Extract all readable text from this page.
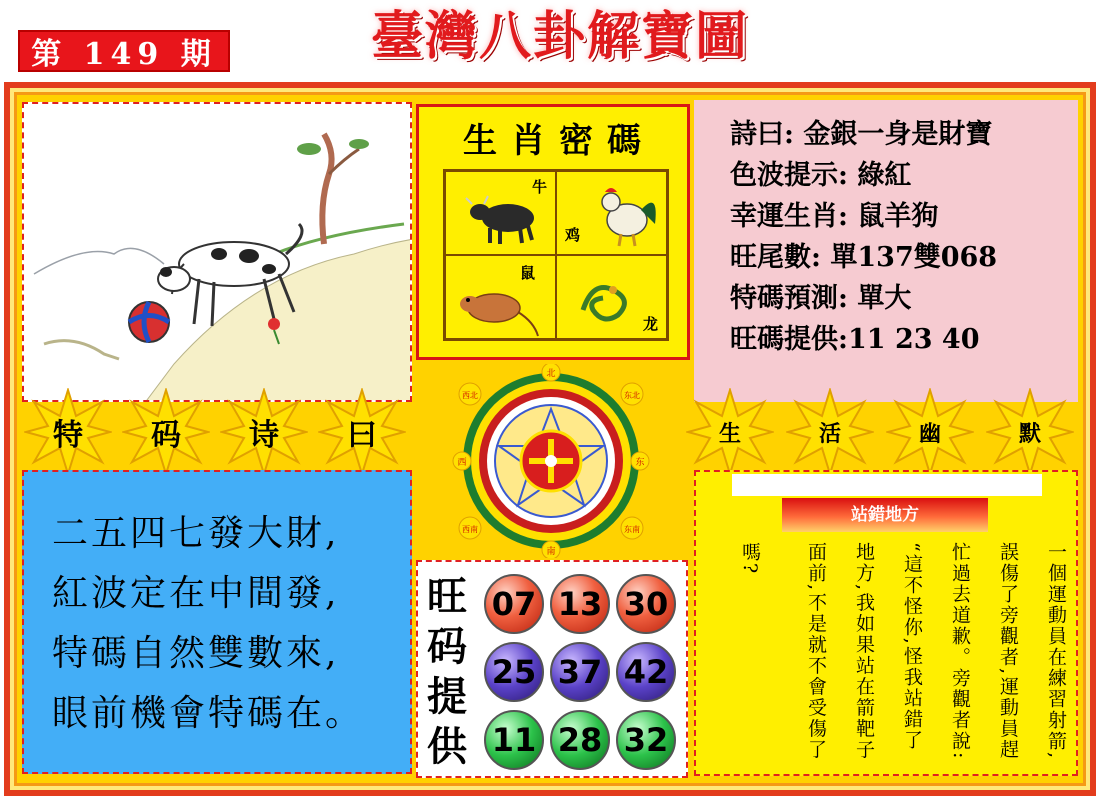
第 149 期	臺灣八卦解寶圖
生肖密碼
牛
鸡
鼠
龙
詩曰: 金銀一身是財寶
色波提示: 綠紅
幸運生肖: 鼠羊狗
旺尾數: 單137雙068
特碼預測: 單大
旺碼提供:11 23 40
特 码 诗 曰	生	活	幽	默
北
东
南
西
西北	东北
东南
西南
二五四七發大財,
紅波定在中間發,
特碼自然雙數來,
眼前機會特碼在。
旺码提供
07 13 30
25 37 42
11 28 32
站錯地方
一個運動員在練習射箭,
誤傷了旁觀者,運動員趕
忙過去道歉。旁觀者說:
“這不怪你,怪我站錯了
地方,我如果站在箭靶子
面前,不是就不會受傷了
嗎?
